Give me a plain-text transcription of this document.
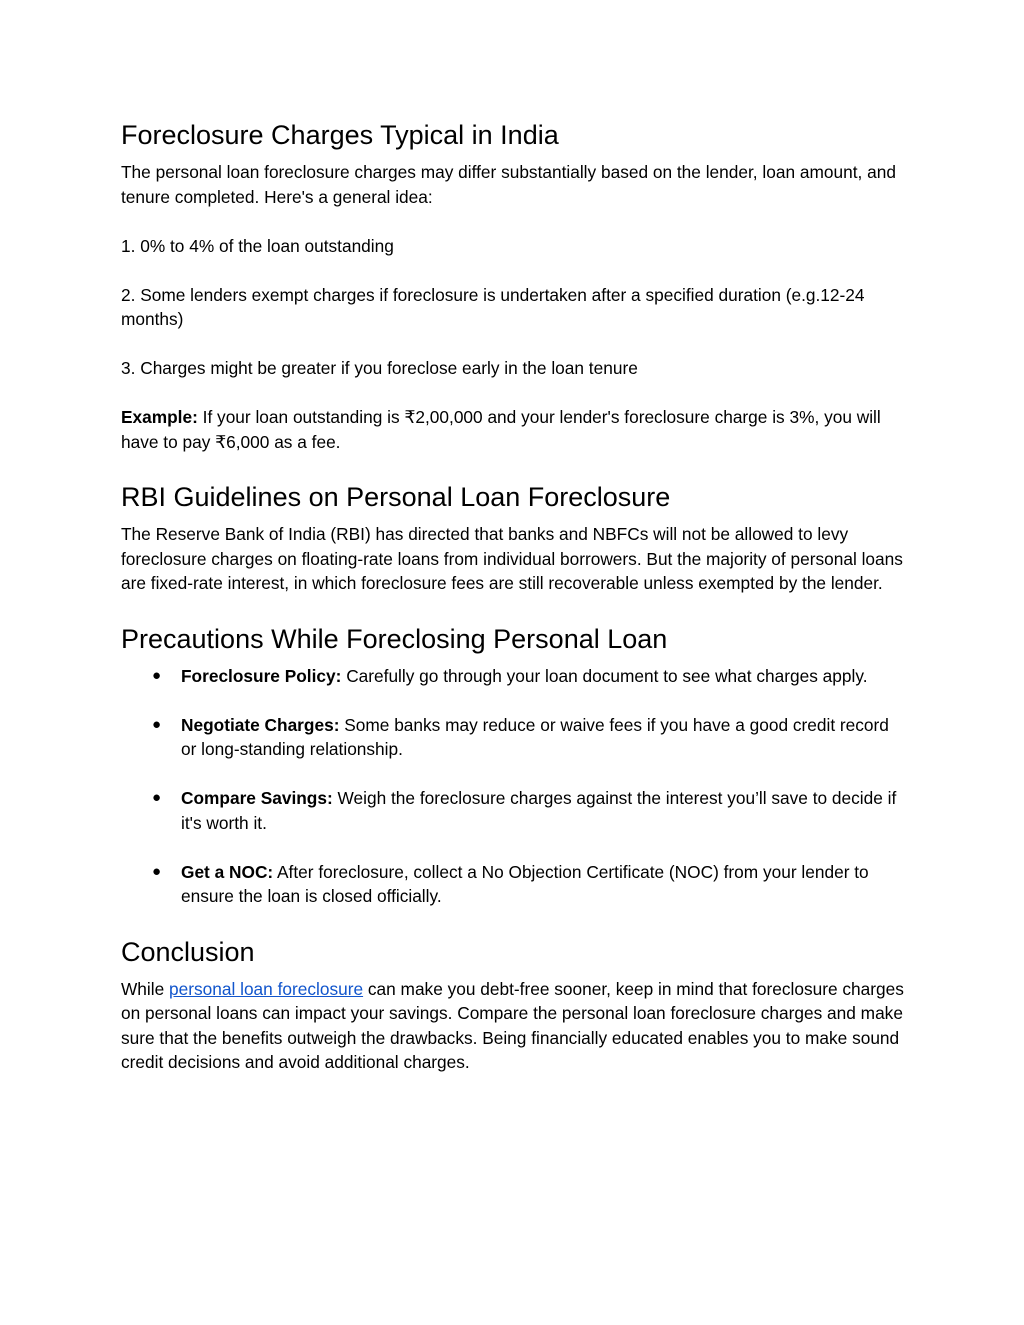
Foreclosure Charges Typical in India

The personal loan foreclosure charges may differ substantially based on the lender, loan amount, and tenure completed. Here's a general idea:

1. 0% to 4% of the loan outstanding

2. Some lenders exempt charges if foreclosure is undertaken after a specified duration (e.g.12-24 months)

3. Charges might be greater if you foreclose early in the loan tenure

Example: If your loan outstanding is ₹2,00,000 and your lender's foreclosure charge is 3%, you will have to pay ₹6,000 as a fee.

RBI Guidelines on Personal Loan Foreclosure

The Reserve Bank of India (RBI) has directed that banks and NBFCs will not be allowed to levy foreclosure charges on floating-rate loans from individual borrowers. But the majority of personal loans are fixed-rate interest, in which foreclosure fees are still recoverable unless exempted by the lender.

Precautions While Foreclosing Personal Loan
● Foreclosure Policy: Carefully go through your loan document to see what charges apply.
● Negotiate Charges: Some banks may reduce or waive fees if you have a good credit record or long-standing relationship.
● Compare Savings: Weigh the foreclosure charges against the interest you’ll save to decide if it's worth it.
● Get a NOC: After foreclosure, collect a No Objection Certificate (NOC) from your lender to ensure the loan is closed officially.
Conclusion

While personal loan foreclosure can make you debt-free sooner, keep in mind that foreclosure charges on personal loans can impact your savings. Compare the personal loan foreclosure charges and make sure that the benefits outweigh the drawbacks. Being financially educated enables you to make sound credit decisions and avoid additional charges.
